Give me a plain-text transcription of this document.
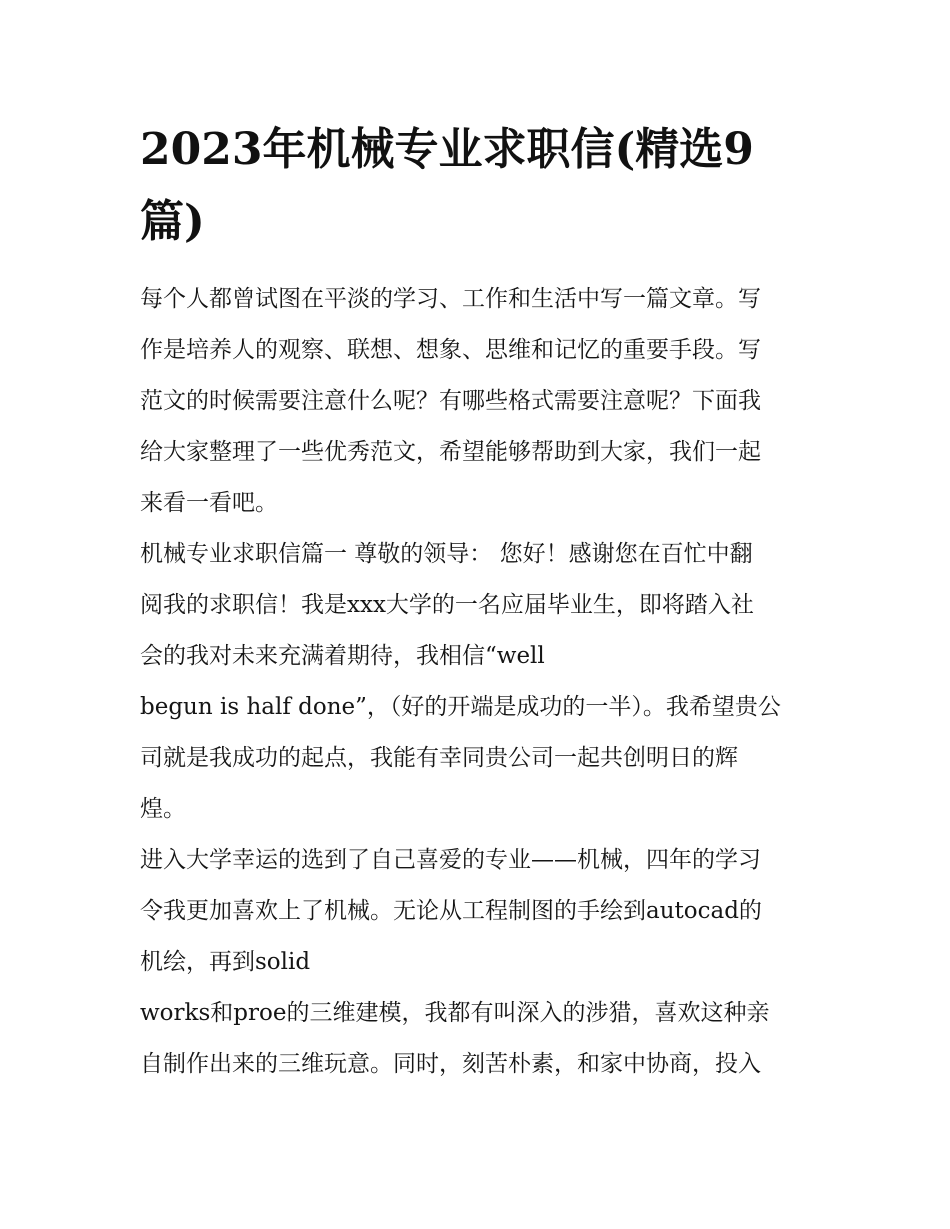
2023年机械专业求职信(精选9
篇)
每个人都曾试图在平淡的学习、工作和生活中写一篇文章。写
作是培养人的观察、联想、想象、思维和记忆的重要手段。写
范文的时候需要注意什么呢？有哪些格式需要注意呢？下面我
给大家整理了一些优秀范文，希望能够帮助到大家，我们一起
来看一看吧。
机械专业求职信篇一 尊敬的领导： 您好！感谢您在百忙中翻
阅我的求职信！我是xxx大学的一名应届毕业生，即将踏入社
会的我对未来充满着期待，我相信“well
begun is half done”，（好的开端是成功的一半）。我希望贵公
司就是我成功的起点，我能有幸同贵公司一起共创明日的辉
煌。
进入大学幸运的选到了自己喜爱的专业——机械，四年的学习
令我更加喜欢上了机械。无论从工程制图的手绘到autocad的
机绘，再到solid
works和proe的三维建模，我都有叫深入的涉猎，喜欢这种亲
自制作出来的三维玩意。同时，刻苦朴素，和家中协商，投入
